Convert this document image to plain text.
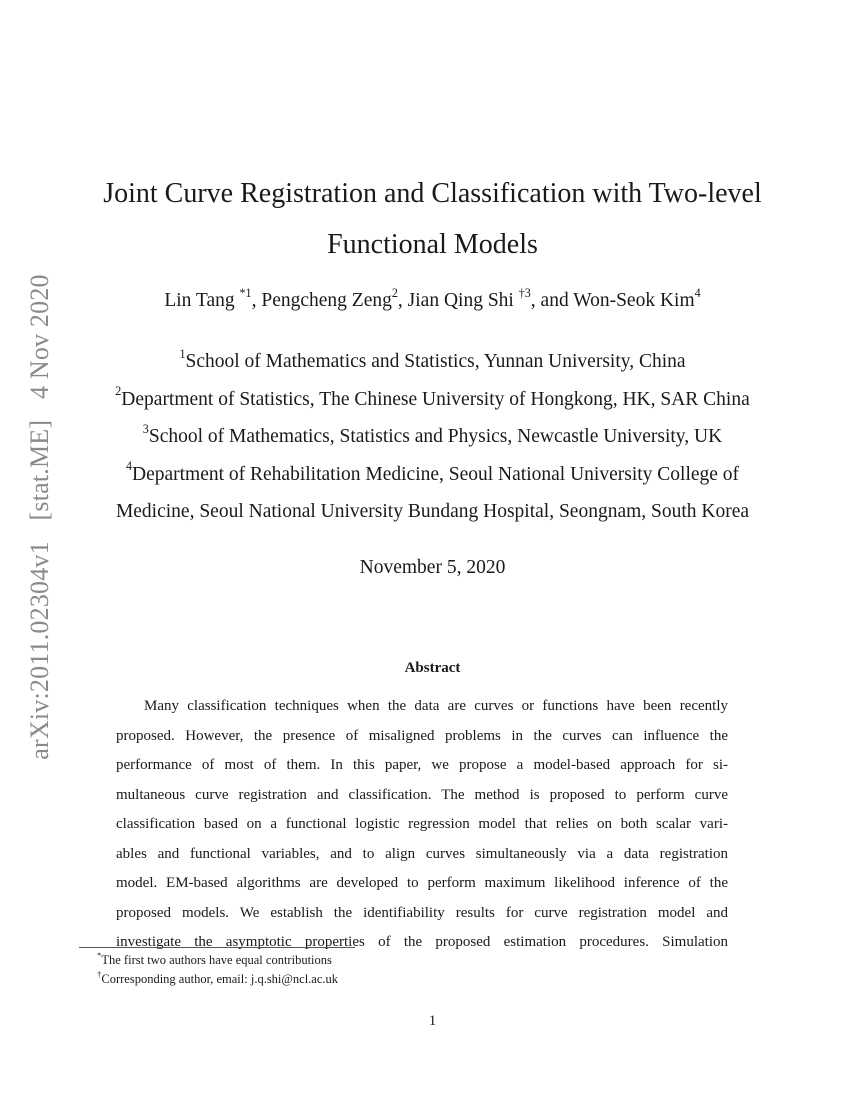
arXiv:2011.02304v1 [stat.ME] 4 Nov 2020
Joint Curve Registration and Classification with Two-level
Functional Models
Lin Tang $^{*1}$, Pengcheng Zeng$^2$, Jian Qing Shi $^{\dagger 3}$, and Won-Seok Kim$^4$
$^1$School of Mathematics and Statistics, Yunnan University, China
$^2$Department of Statistics, The Chinese University of Hongkong, HK, SAR China
$^3$School of Mathematics, Statistics and Physics, Newcastle University, UK
$^4$Department of Rehabilitation Medicine, Seoul National University College of
Medicine, Seoul National University Bundang Hospital, Seongnam, South Korea
November 5, 2020
Abstract
Many classification techniques when the data are curves or functions have been recently
proposed. However, the presence of misaligned problems in the curves can influence the
performance of most of them. In this paper, we propose a model-based approach for si-
multaneous curve registration and classification. The method is proposed to perform curve
classification based on a functional logistic regression model that relies on both scalar vari-
ables and functional variables, and to align curves simultaneously via a data registration
model. EM-based algorithms are developed to perform maximum likelihood inference of the
proposed models. We establish the identifiability results for curve registration model and
investigate the asymptotic properties of the proposed estimation procedures. Simulation
*The first two authors have equal contributions
†Corresponding author, email: j.q.shi@ncl.ac.uk
1
